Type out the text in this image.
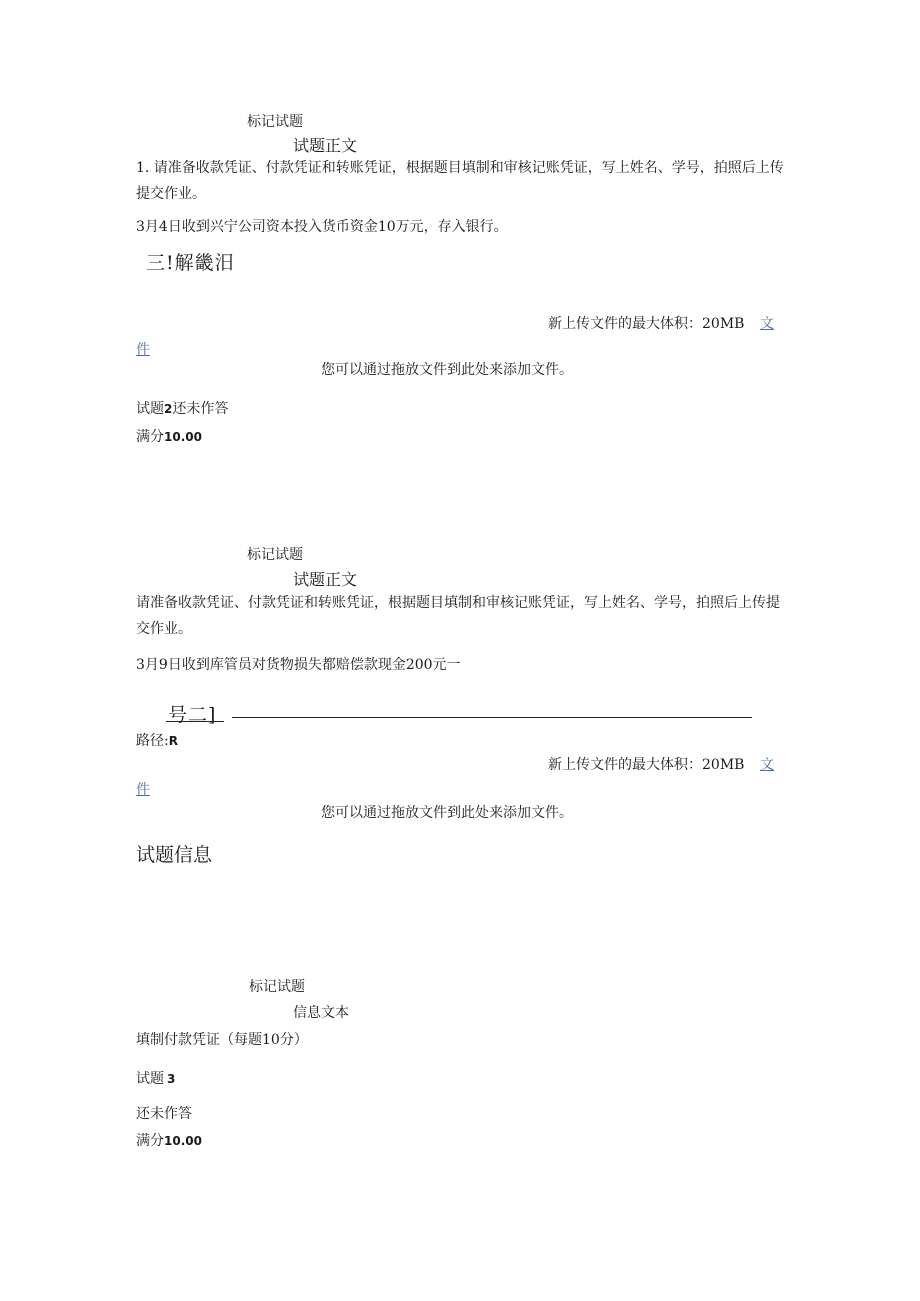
标记试题
试题正文
1. 请准备收款凭证、付款凭证和转账凭证，根据题目填制和审核记账凭证，写上姓名、学号，拍照后上传提交作业。
3月4日收到兴宁公司资本投入货币资金10万元，存入银行。
三!解畿汨
新上传文件的最大体积：20MB 文
件
您可以通过拖放文件到此处来添加文件。
试题2还未作答
满分10.00
标记试题
试题正文
请准备收款凭证、付款凭证和转账凭证，根据题目填制和审核记账凭证，写上姓名、学号，拍照后上传提交作业。
3月9日收到库管员对货物损失都赔偿款现金200元一
号二]
路径:R
新上传文件的最大体积：20MB 文
件
您可以通过拖放文件到此处来添加文件。
试题信息
标记试题
信息文本
填制付款凭证（每题10分）
试题 3
还未作答
满分10.00
